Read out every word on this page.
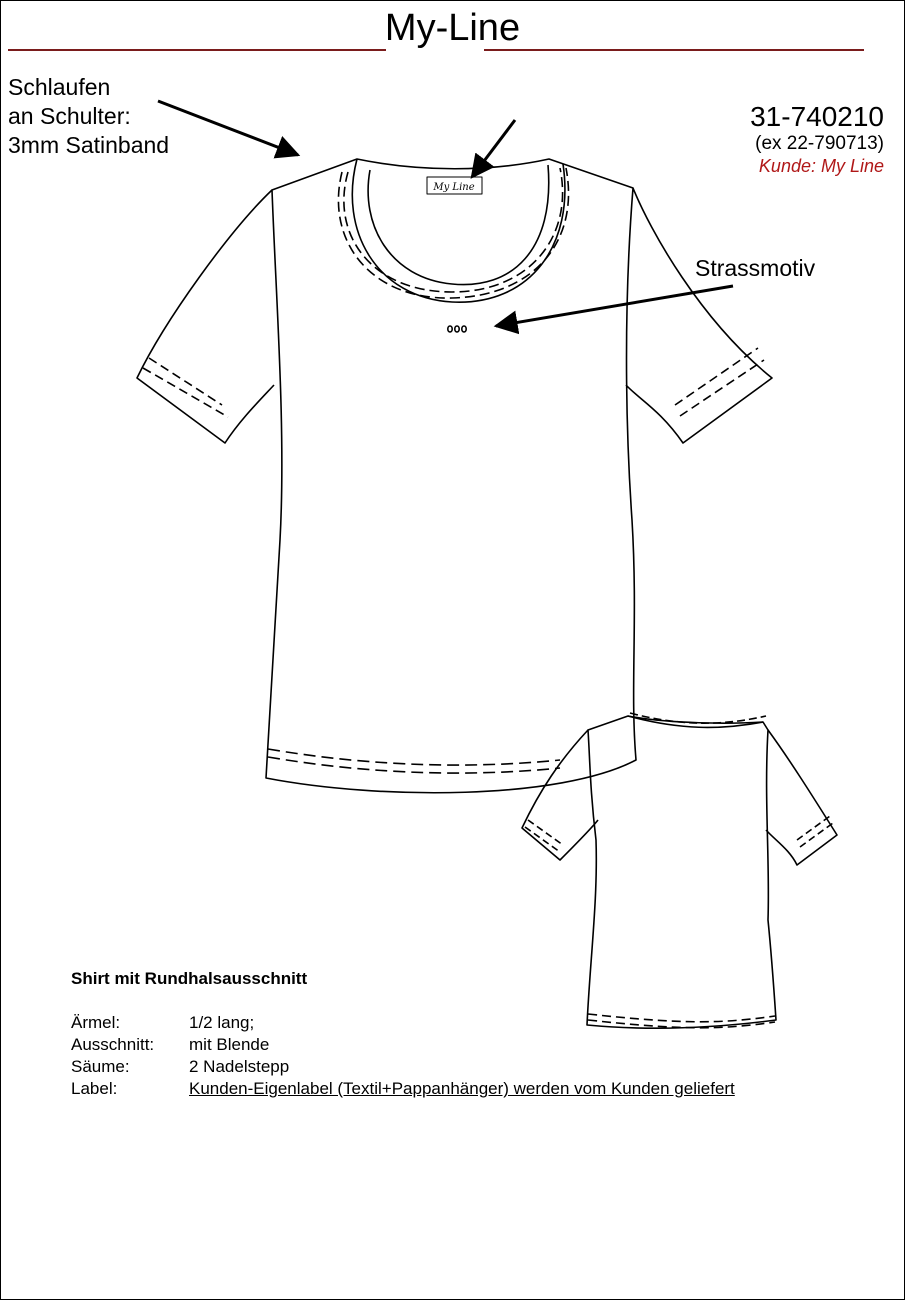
My-Line
Schlaufen
an Schulter:
3mm Satinband
Strassmotiv
31-740210
(ex 22-790713)
Kunde: My Line
My Line
Shirt mit Rundhalsausschnitt
Ärmel:	1/2 lang;
Ausschnitt:	mit Blende
Säume:	2 Nadelstepp
Label:	Kunden-Eigenlabel (Textil+Pappanhänger) werden vom Kunden geliefert
